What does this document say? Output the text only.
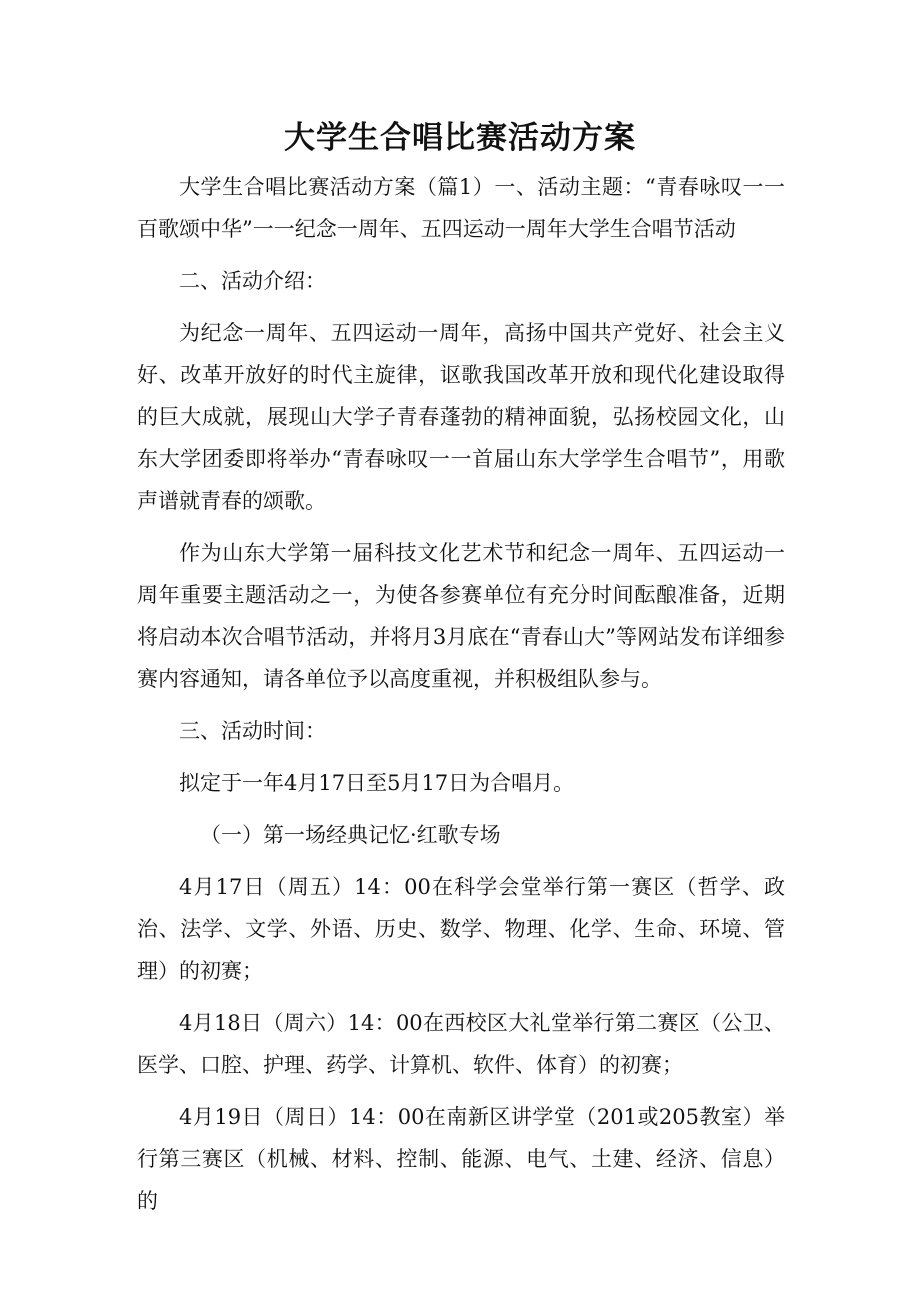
大学生合唱比赛活动方案

大学生合唱比赛活动方案（篇1）一、活动主题：“青春咏叹一一百歌颂中华”一一纪念一周年、五四运动一周年大学生合唱节活动

二、活动介绍：

为纪念一周年、五四运动一周年，高扬中国共产党好、社会主义好、改革开放好的时代主旋律，讴歌我国改革开放和现代化建设取得的巨大成就，展现山大学子青春蓬勃的精神面貌，弘扬校园文化，山东大学团委即将举办“青春咏叹一一首届山东大学学生合唱节”，用歌声谱就青春的颂歌。

作为山东大学第一届科技文化艺术节和纪念一周年、五四运动一周年重要主题活动之一，为使各参赛单位有充分时间酝酿准备，近期将启动本次合唱节活动，并将月3月底在“青春山大”等网站发布详细参赛内容通知，请各单位予以高度重视，并积极组队参与。

三、活动时间：

拟定于一年4月17日至5月17日为合唱月。

（一）第一场经典记忆·红歌专场

4月17日（周五）14：00在科学会堂举行第一赛区（哲学、政治、法学、文学、外语、历史、数学、物理、化学、生命、环境、管理）的初赛；

4月18日（周六）14：00在西校区大礼堂举行第二赛区（公卫、医学、口腔、护理、药学、计算机、软件、体育）的初赛；

4月19日（周日）14：00在南新区讲学堂（201或205教室）举行第三赛区（机械、材料、控制、能源、电气、土建、经济、信息）的
